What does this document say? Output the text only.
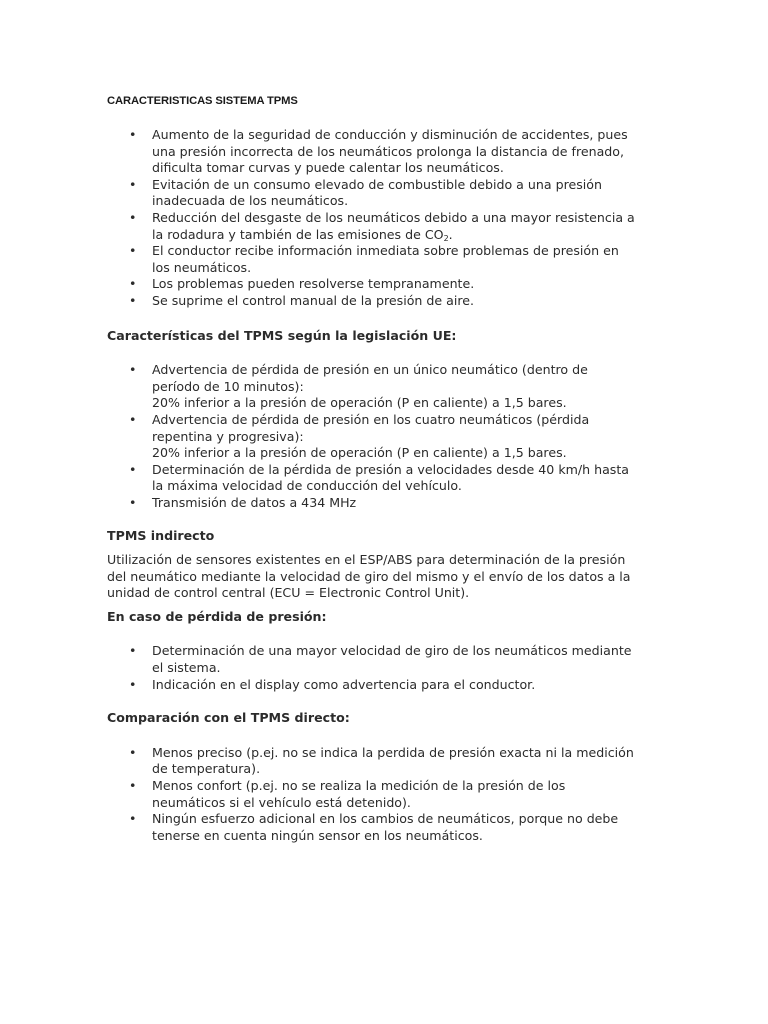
CARACTERISTICAS SISTEMA TPMS
• Aumento de la seguridad de conducción y disminución de accidentes, pues
una presión incorrecta de los neumáticos prolonga la distancia de frenado,
dificulta tomar curvas y puede calentar los neumáticos.
• Evitación de un consumo elevado de combustible debido a una presión
inadecuada de los neumáticos.
• Reducción del desgaste de los neumáticos debido a una mayor resistencia a
la rodadura y también de las emisiones de $CO_2$.
• El conductor recibe información inmediata sobre problemas de presión en
los neumáticos.
• Los problemas pueden resolverse tempranamente.
• Se suprime el control manual de la presión de aire.
Características del TPMS según la legislación UE:
• Advertencia de pérdida de presión en un único neumático (dentro de
período de 10 minutos):
20% inferior a la presión de operación (P en caliente) a 1,5 bares.
• Advertencia de pérdida de presión en los cuatro neumáticos (pérdida
repentina y progresiva):
20% inferior a la presión de operación (P en caliente) a 1,5 bares.
• Determinación de la pérdida de presión a velocidades desde 40 km/h hasta
la máxima velocidad de conducción del vehículo.
• Transmisión de datos a 434 MHz
TPMS indirecto
Utilización de sensores existentes en el ESP/ABS para determinación de la presión
del neumático mediante la velocidad de giro del mismo y el envío de los datos a la
unidad de control central (ECU = Electronic Control Unit).
En caso de pérdida de presión:
• Determinación de una mayor velocidad de giro de los neumáticos mediante
el sistema.
• Indicación en el display como advertencia para el conductor.
Comparación con el TPMS directo:
• Menos preciso (p.ej. no se indica la perdida de presión exacta ni la medición
de temperatura).
• Menos confort (p.ej. no se realiza la medición de la presión de los
neumáticos si el vehículo está detenido).
• Ningún esfuerzo adicional en los cambios de neumáticos, porque no debe
tenerse en cuenta ningún sensor en los neumáticos.
